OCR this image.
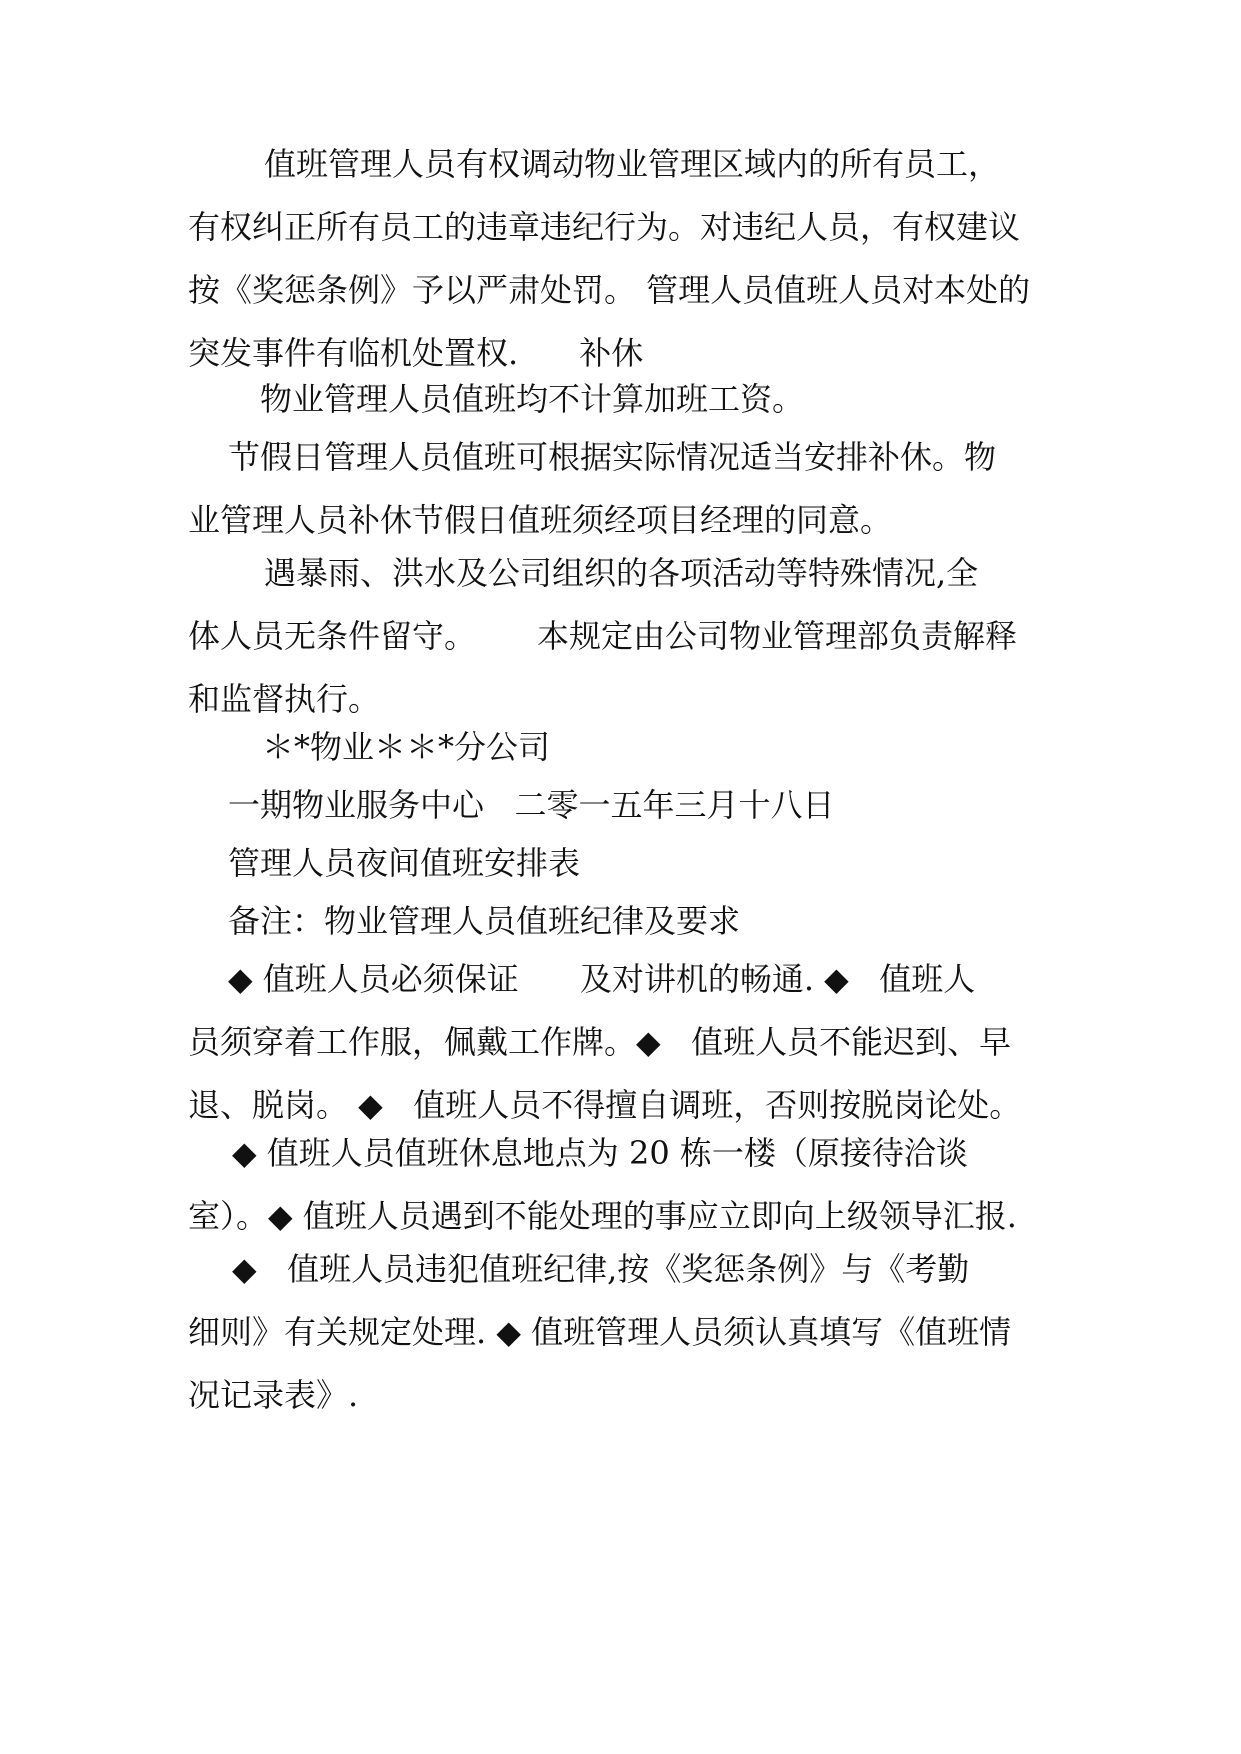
值班管理人员有权调动物业管理区域内的所有员工，
有权纠正所有员工的违章违纪行为。对违纪人员，有权建议
按《奖惩条例》予以严肃处罚。 管理人员值班人员对本处的
突发事件有临机处置权.      补休
物业管理人员值班均不计算加班工资。
节假日管理人员值班可根据实际情况适当安排补休。物
业管理人员补休节假日值班须经项目经理的同意。
遇暴雨、洪水及公司组织的各项活动等特殊情况,全
体人员无条件留守。      本规定由公司物业管理部负责解释
和监督执行。
＊*物业＊＊*分公司
一期物业服务中心   二零一五年三月十八日
管理人员夜间值班安排表
备注：物业管理人员值班纪律及要求
◆ 值班人员必须保证      及对讲机的畅通. ◆   值班人
员须穿着工作服，佩戴工作牌。◆   值班人员不能迟到、早
退、脱岗。 ◆   值班人员不得擅自调班，否则按脱岗论处。
◆ 值班人员值班休息地点为 20 栋一楼（原接待洽谈
室）。◆ 值班人员遇到不能处理的事应立即向上级领导汇报.
◆   值班人员违犯值班纪律,按《奖惩条例》与《考勤
细则》有关规定处理. ◆ 值班管理人员须认真填写《值班情
况记录表》.
